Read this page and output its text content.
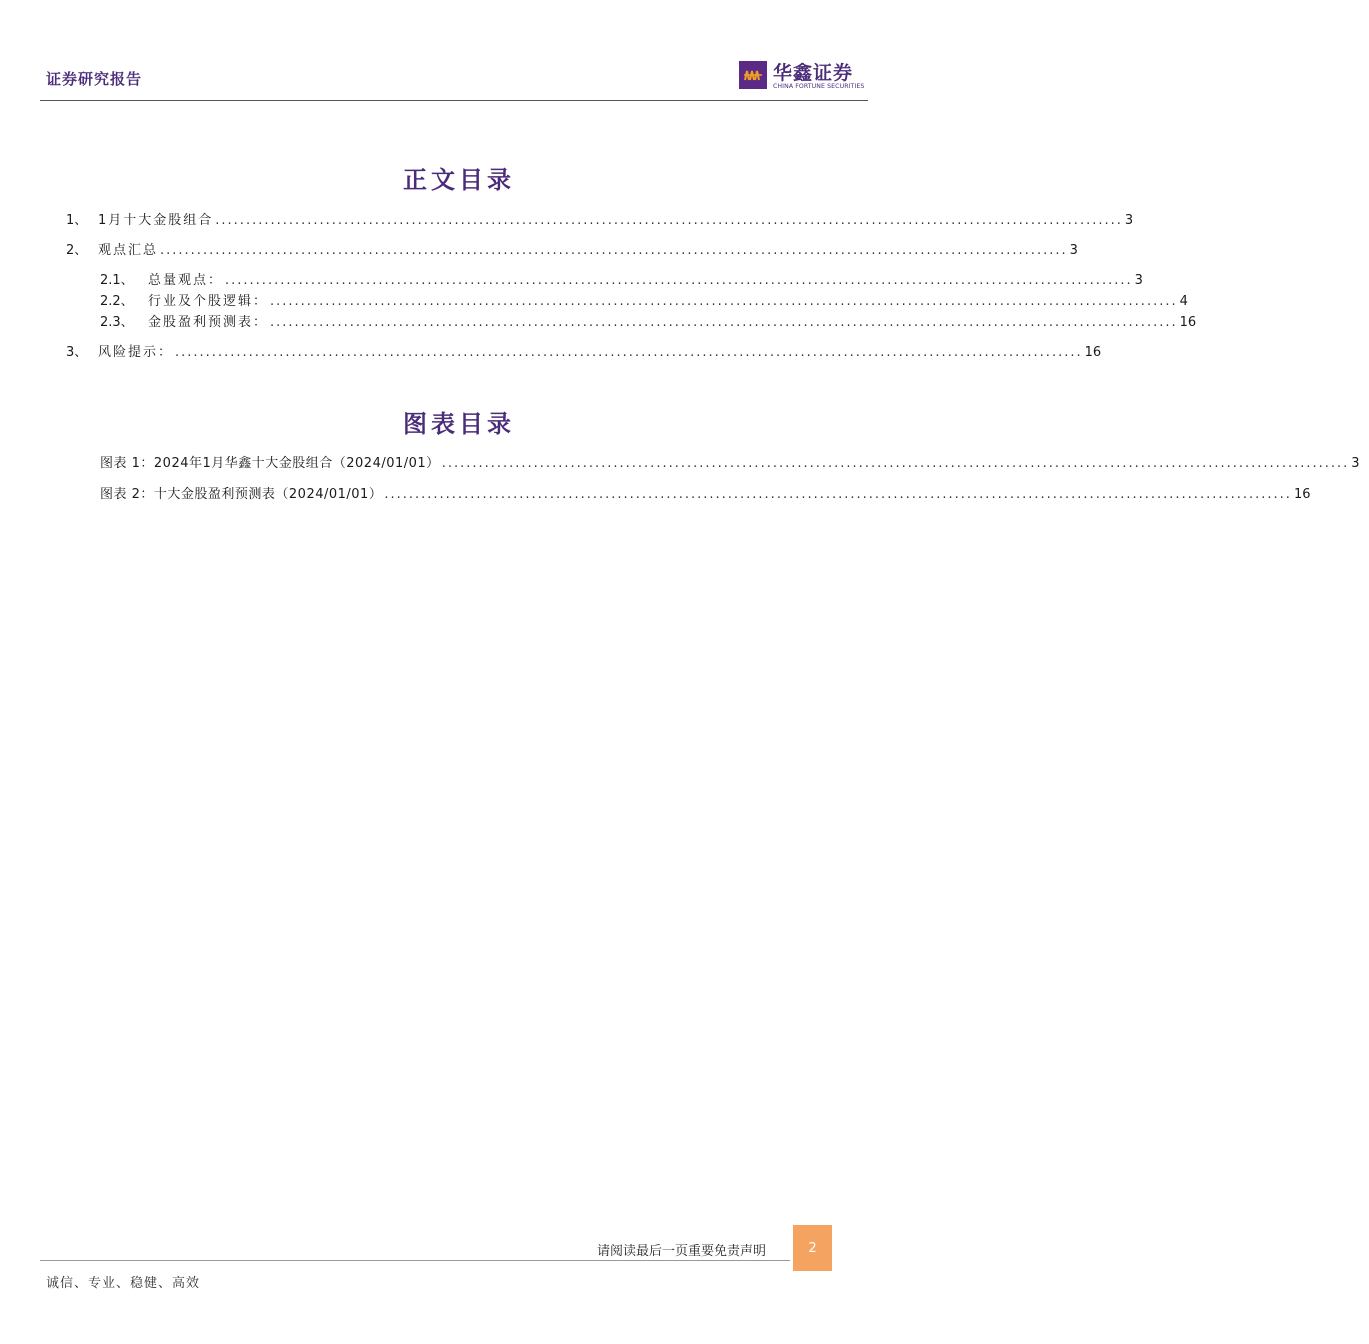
证券研究报告	华鑫证券
CHINA FORTUNE SECURITIES
正文目录
1、 1月十大金股组合 .................................................................................................................................................... 3
2、 观点汇总 .................................................................................................................................................... 3
2.1、	总量观点： .................................................................................................................................................... 3
2.2、	行业及个股逻辑： .................................................................................................................................................... 4
2.3、	金股盈利预测表： .................................................................................................................................................... 16
3、 风险提示： .................................................................................................................................................... 16
图表目录
图表 1：2024年1月华鑫十大金股组合（2024/01/01） .................................................................................................................................................... 3
图表 2：十大金股盈利预测表（2024/01/01） .................................................................................................................................................... 16
请阅读最后一页重要免责声明	2
诚信、专业、稳健、高效
